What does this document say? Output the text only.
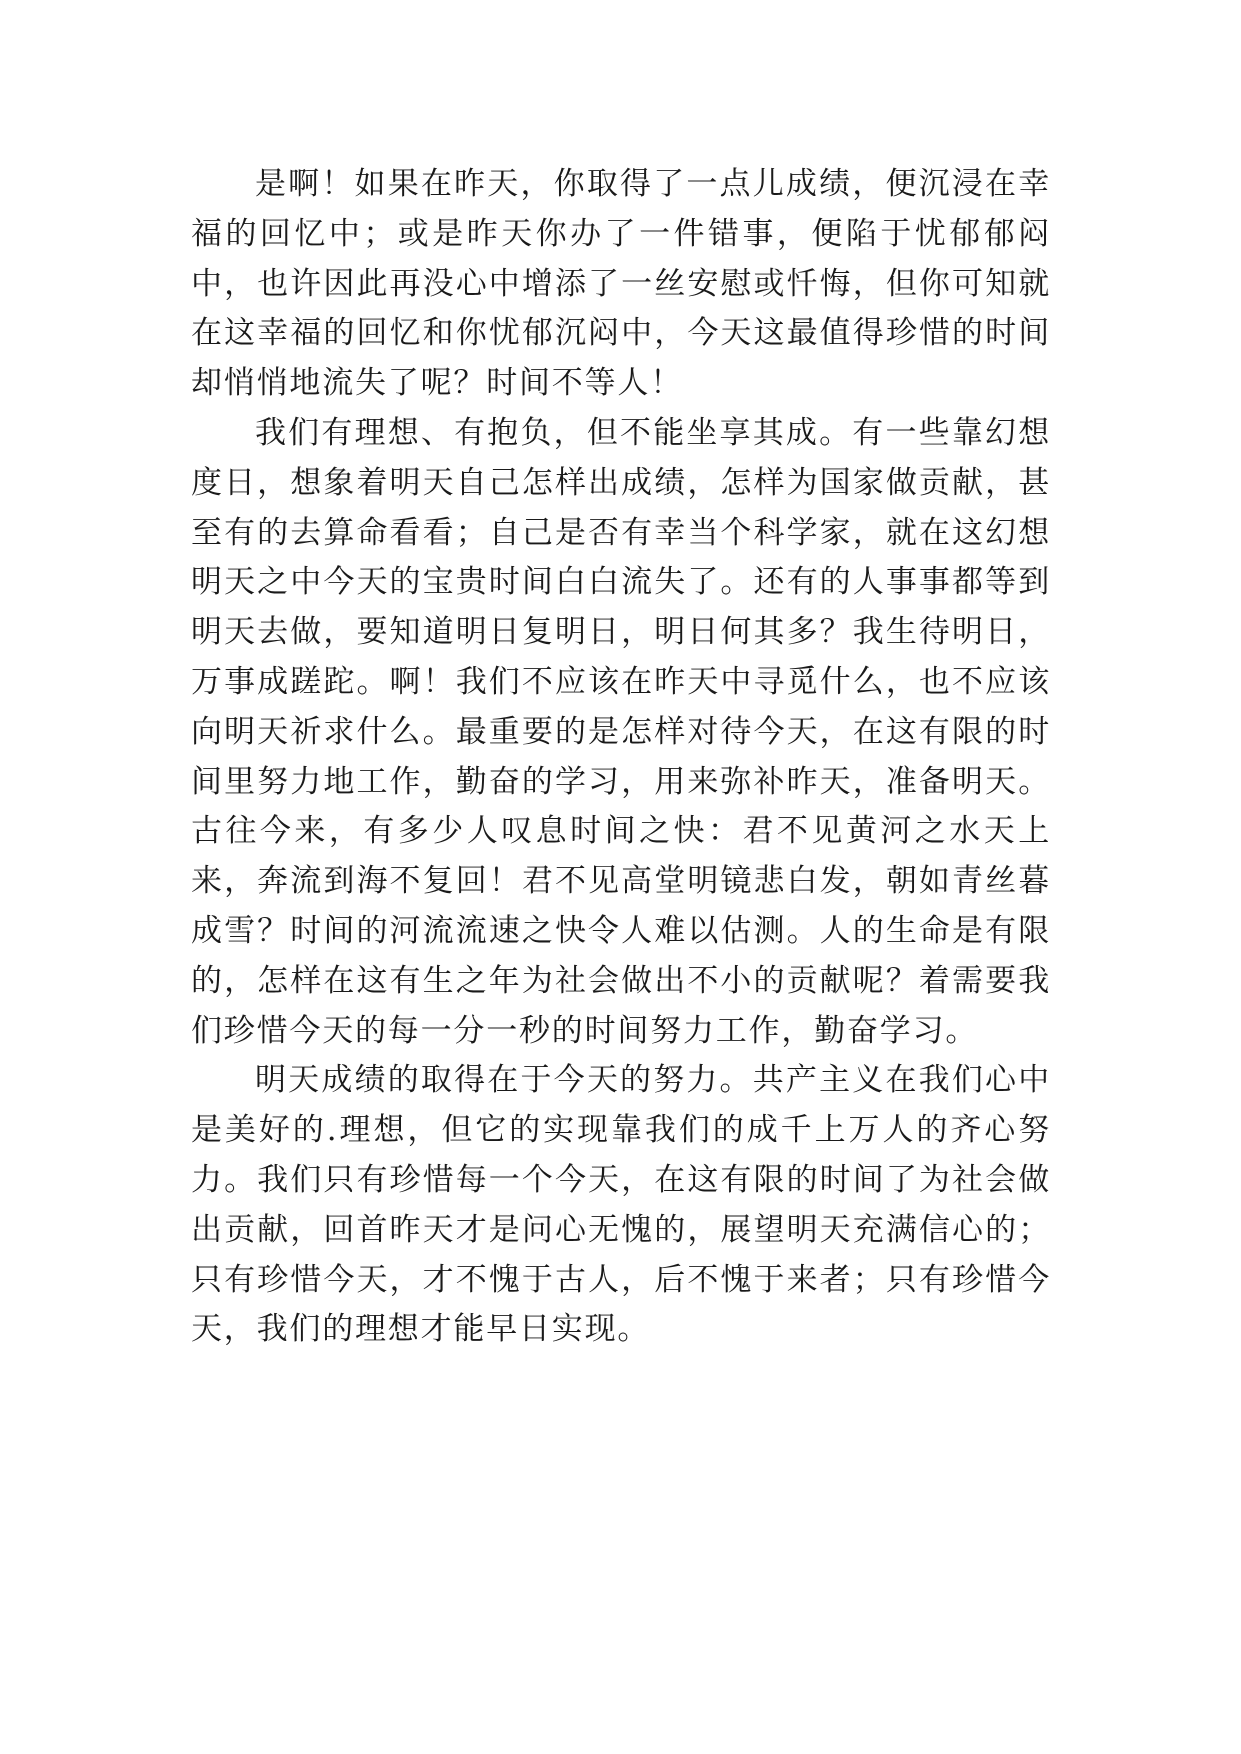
是啊！如果在昨天，你取得了一点儿成绩，便沉浸在幸福的回忆中；或是昨天你办了一件错事，便陷于忧郁郁闷中，也许因此再没心中增添了一丝安慰或忏悔，但你可知就在这幸福的回忆和你忧郁沉闷中，今天这最值得珍惜的时间却悄悄地流失了呢？时间不等人！

我们有理想、有抱负，但不能坐享其成。有一些靠幻想度日，想象着明天自己怎样出成绩，怎样为国家做贡献，甚至有的去算命看看；自己是否有幸当个科学家，就在这幻想明天之中今天的宝贵时间白白流失了。还有的人事事都等到明天去做，要知道明日复明日，明日何其多？我生待明日，万事成蹉跎。啊！我们不应该在昨天中寻觅什么，也不应该向明天祈求什么。最重要的是怎样对待今天，在这有限的时间里努力地工作，勤奋的学习，用来弥补昨天，准备明天。古往今来，有多少人叹息时间之快：君不见黄河之水天上来，奔流到海不复回！君不见高堂明镜悲白发，朝如青丝暮成雪？时间的河流流速之快令人难以估测。人的生命是有限的，怎样在这有生之年为社会做出不小的贡献呢？着需要我们珍惜今天的每一分一秒的时间努力工作，勤奋学习。

明天成绩的取得在于今天的努力。共产主义在我们心中是美好的.理想，但它的实现靠我们的成千上万人的齐心努力。我们只有珍惜每一个今天，在这有限的时间了为社会做出贡献，回首昨天才是问心无愧的，展望明天充满信心的；只有珍惜今天，才不愧于古人，后不愧于来者；只有珍惜今天，我们的理想才能早日实现。
